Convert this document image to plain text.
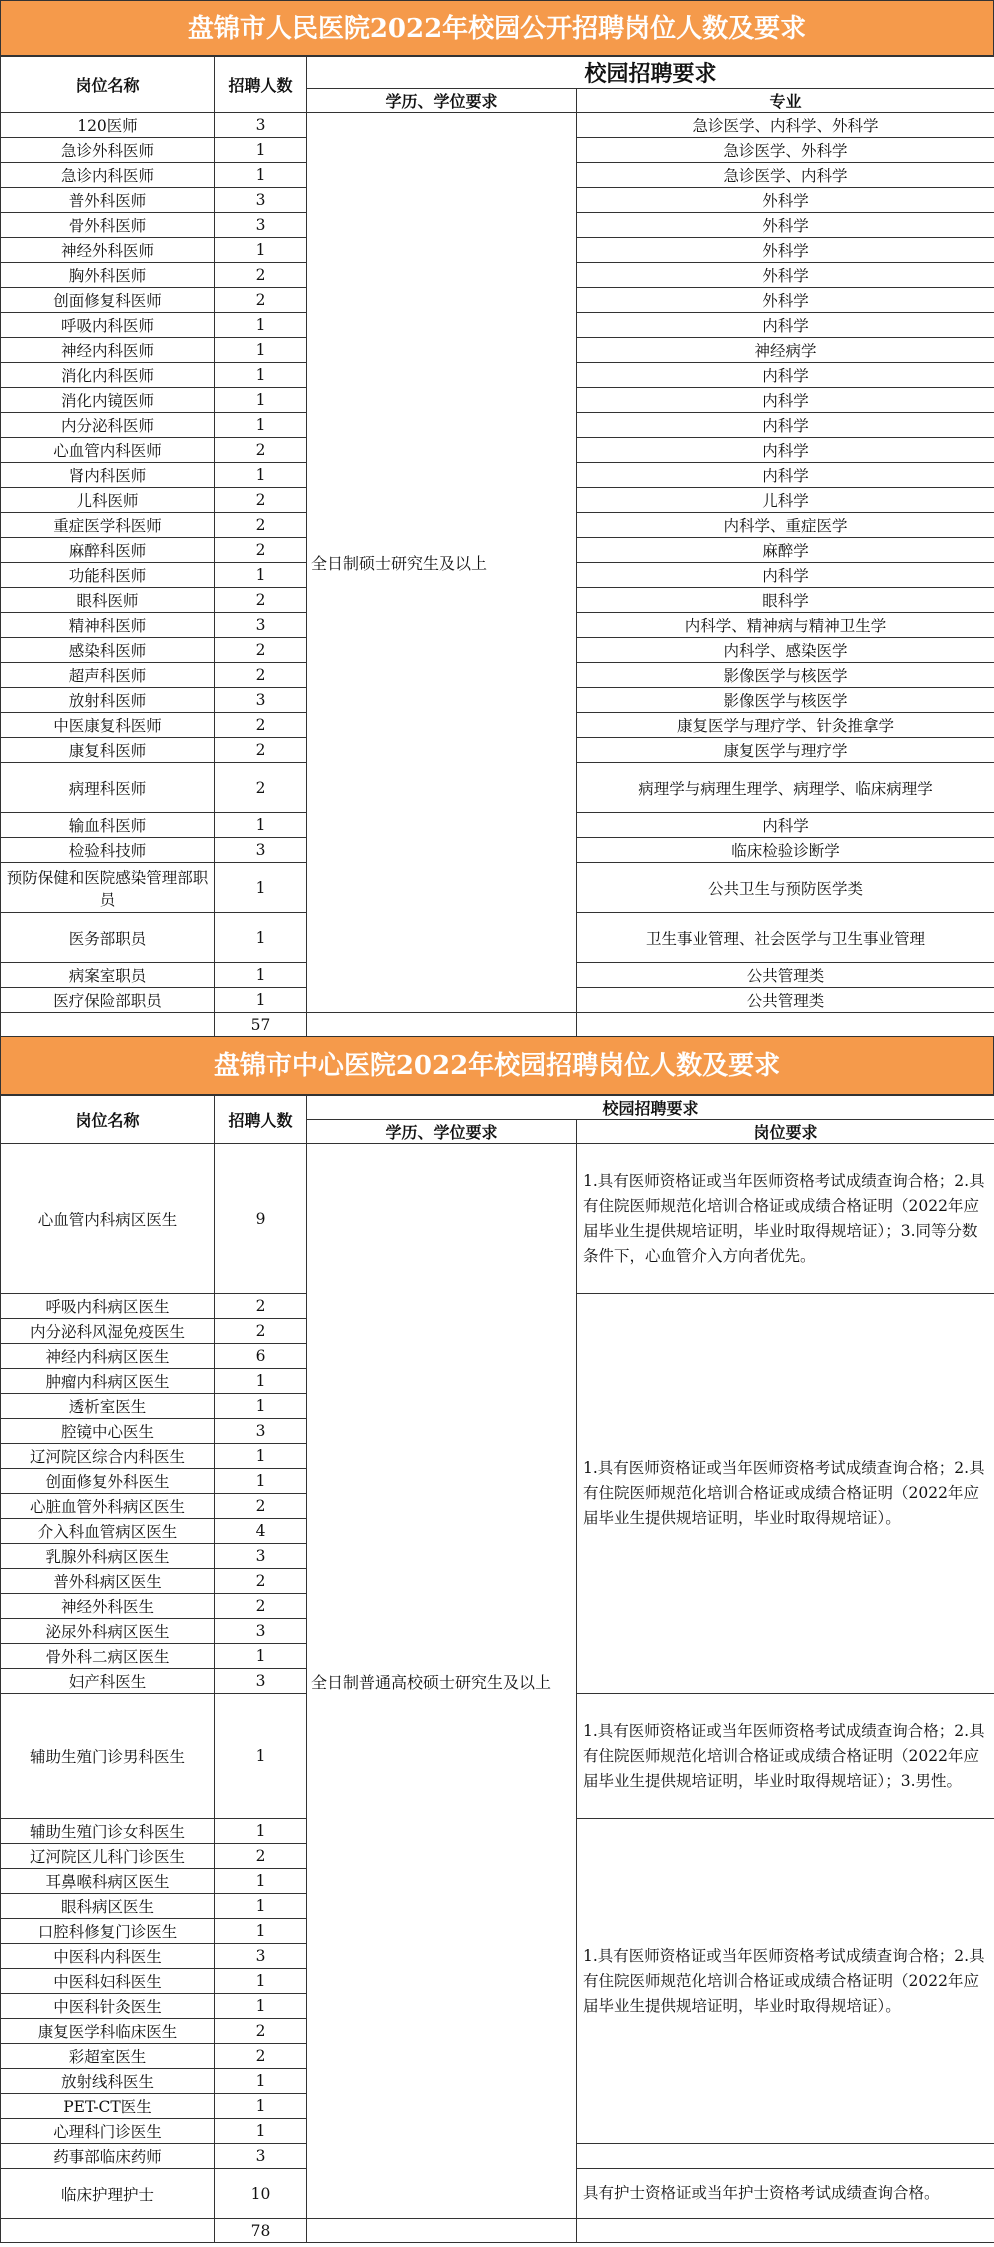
盘锦市人民医院2022年校园公开招聘岗位人数及要求
岗位名称	招聘人数	校园招聘要求	
		学历、学位要求	专业
120医师	3	全日制硕士研究生及以上	急诊医学、内科学、外科学
急诊外科医师	1		急诊医学、外科学
急诊内科医师	1		急诊医学、内科学
普外科医师	3		外科学
骨外科医师	3		外科学
神经外科医师	1		外科学
胸外科医师	2		外科学
创面修复科医师	2		外科学
呼吸内科医师	1		内科学
神经内科医师	1		神经病学
消化内科医师	1		内科学
消化内镜医师	1		内科学
内分泌科医师	1		内科学
心血管内科医师	2		内科学
肾内科医师	1		内科学
儿科医师	2		儿科学
重症医学科医师	2		内科学、重症医学
麻醉科医师	2		麻醉学
功能科医师	1		内科学
眼科医师	2		眼科学
精神科医师	3		内科学、精神病与精神卫生学
感染科医师	2		内科学、感染医学
超声科医师	2		影像医学与核医学
放射科医师	3		影像医学与核医学
中医康复科医师	2		康复医学与理疗学、针灸推拿学
康复科医师	2		康复医学与理疗学
病理科医师	2		病理学与病理生理学、病理学、临床病理学
输血科医师	1		内科学
检验科技师	3		临床检验诊断学
预防保健和医院感染管理部职员	1		公共卫生与预防医学类
医务部职员	1		卫生事业管理、社会医学与卫生事业管理
病案室职员	1		公共管理类
医疗保险部职员	1		公共管理类
	57		
盘锦市中心医院2022年校园招聘岗位人数及要求
岗位名称	招聘人数	校园招聘要求	
		学历、学位要求	岗位要求
心血管内科病区医生	9	全日制普通高校硕士研究生及以上	1.具有医师资格证或当年医师资格考试成绩查询合格；2.具有住院医师规范化培训合格证或成绩合格证明（2022年应届毕业生提供规培证明，毕业时取得规培证）；3.同等分数条件下，心血管介入方向者优先。
呼吸内科病区医生	2		1.具有医师资格证或当年医师资格考试成绩查询合格；2.具有住院医师规范化培训合格证或成绩合格证明（2022年应届毕业生提供规培证明，毕业时取得规培证）。
内分泌科风湿免疫医生	2		
神经内科病区医生	6		
肿瘤内科病区医生	1		
透析室医生	1		
腔镜中心医生	3		
辽河院区综合内科医生	1		
创面修复外科医生	1		
心脏血管外科病区医生	2		
介入科血管病区医生	4		
乳腺外科病区医生	3		
普外科病区医生	2		
神经外科医生	2		
泌尿外科病区医生	3		
骨外科二病区医生	1		
妇产科医生	3		
辅助生殖门诊男科医生	1		1.具有医师资格证或当年医师资格考试成绩查询合格；2.具有住院医师规范化培训合格证或成绩合格证明（2022年应届毕业生提供规培证明，毕业时取得规培证）；3.男性。
辅助生殖门诊女科医生	1		1.具有医师资格证或当年医师资格考试成绩查询合格；2.具有住院医师规范化培训合格证或成绩合格证明（2022年应届毕业生提供规培证明，毕业时取得规培证）。
辽河院区儿科门诊医生	2		
耳鼻喉科病区医生	1		
眼科病区医生	1		
口腔科修复门诊医生	1		
中医科内科医生	3		
中医科妇科医生	1		
中医科针灸医生	1		
康复医学科临床医生	2		
彩超室医生	2		
放射线科医生	1		
PET-CT医生	1		
心理科门诊医生	1		
药事部临床药师	3		
临床护理护士	10		具有护士资格证或当年护士资格考试成绩查询合格。
	78		
